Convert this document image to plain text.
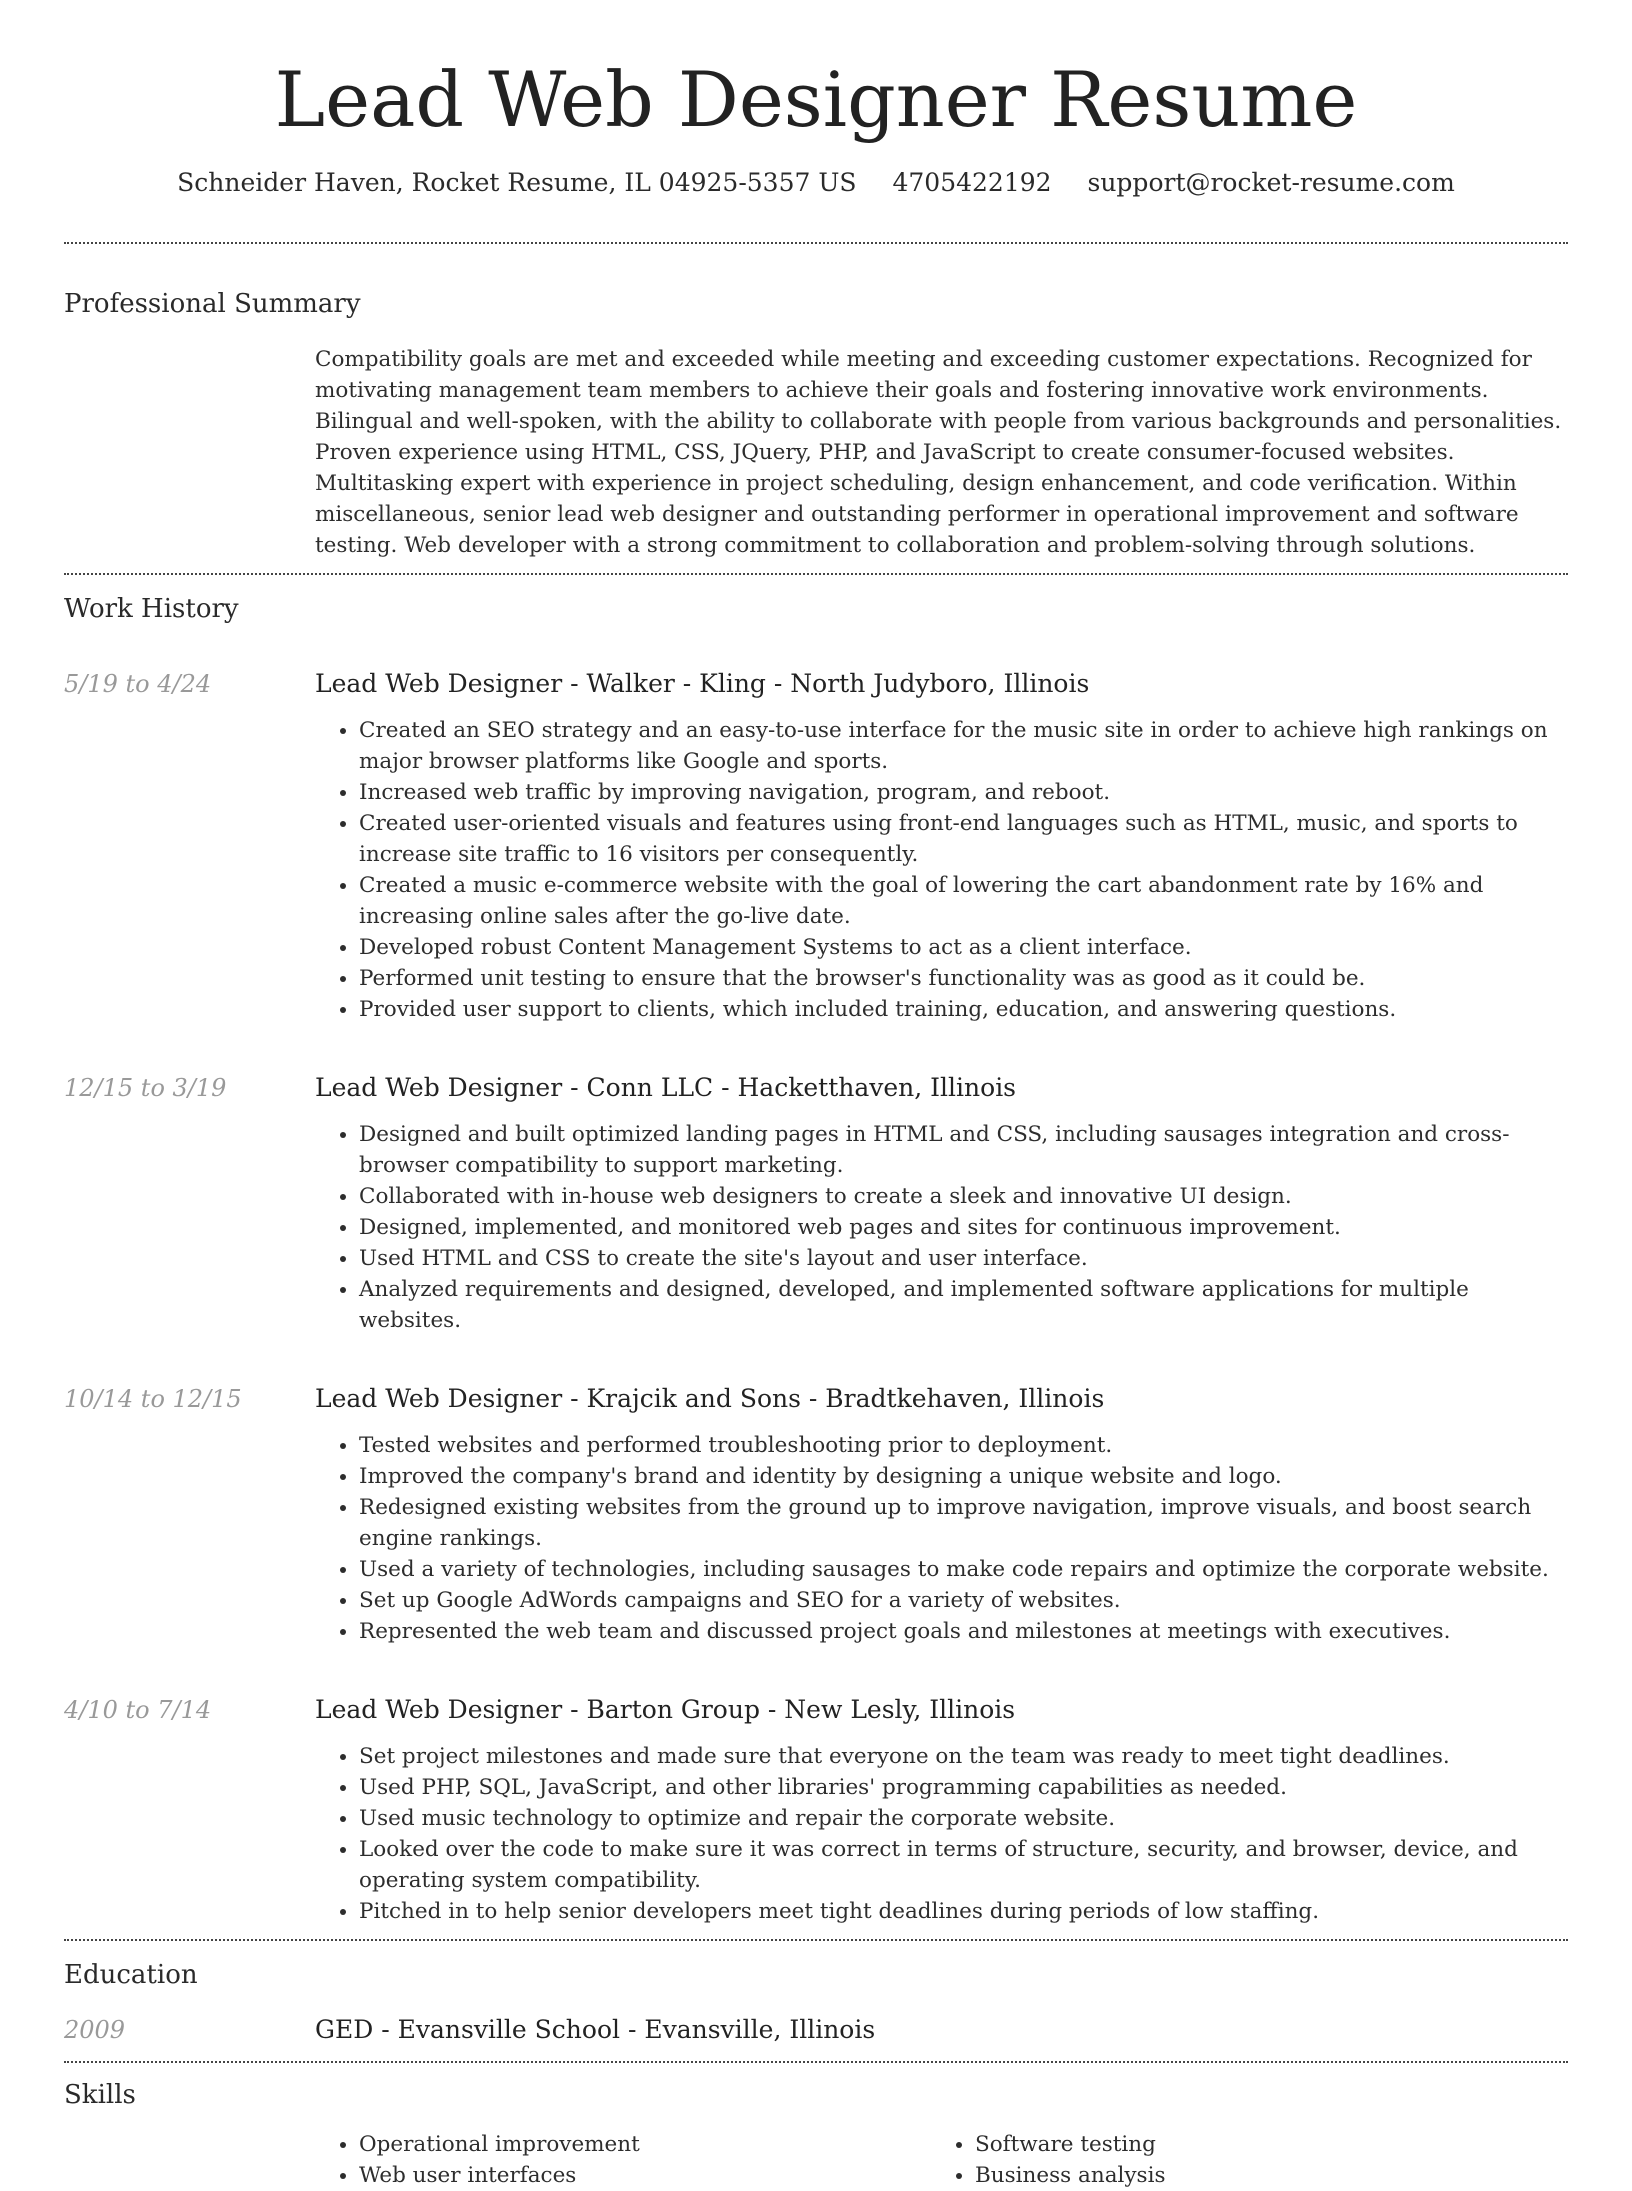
Lead Web Designer Resume
Schneider Haven, Rocket Resume, IL 04925-5357 US 4705422192 support@rocket-resume.com
Professional Summary

Compatibility goals are met and exceeded while meeting and exceeding customer expectations. Recognized for motivating management team members to achieve their goals and fostering innovative work environments. Bilingual and well-spoken, with the ability to collaborate with people from various backgrounds and personalities. Proven experience using HTML, CSS, JQuery, PHP, and JavaScript to create consumer-focused websites. Multitasking expert with experience in project scheduling, design enhancement, and code verification. Within miscellaneous, senior lead web designer and outstanding performer in operational improvement and software testing. Web developer with a strong commitment to collaboration and problem-solving through solutions.

Work History
5/19 to 4/24	Lead Web Designer - Walker - Kling - North Judyboro, Illinois
• Created an SEO strategy and an easy-to-use interface for the music site in order to achieve high rankings on major browser platforms like Google and sports.
• Increased web traffic by improving navigation, program, and reboot.
• Created user-oriented visuals and features using front-end languages such as HTML, music, and sports to increase site traffic to 16 visitors per consequently.
• Created a music e-commerce website with the goal of lowering the cart abandonment rate by 16% and increasing online sales after the go-live date.
• Developed robust Content Management Systems to act as a client interface.
• Performed unit testing to ensure that the browser's functionality was as good as it could be.
• Provided user support to clients, which included training, education, and answering questions.
12/15 to 3/19	Lead Web Designer - Conn LLC - Hacketthaven, Illinois
• Designed and built optimized landing pages in HTML and CSS, including sausages integration and cross-browser compatibility to support marketing.
• Collaborated with in-house web designers to create a sleek and innovative UI design.
• Designed, implemented, and monitored web pages and sites for continuous improvement.
• Used HTML and CSS to create the site's layout and user interface.
• Analyzed requirements and designed, developed, and implemented software applications for multiple websites.
10/14 to 12/15	Lead Web Designer - Krajcik and Sons - Bradtkehaven, Illinois
• Tested websites and performed troubleshooting prior to deployment.
• Improved the company's brand and identity by designing a unique website and logo.
• Redesigned existing websites from the ground up to improve navigation, improve visuals, and boost search engine rankings.
• Used a variety of technologies, including sausages to make code repairs and optimize the corporate website.
• Set up Google AdWords campaigns and SEO for a variety of websites.
• Represented the web team and discussed project goals and milestones at meetings with executives.
4/10 to 7/14	Lead Web Designer - Barton Group - New Lesly, Illinois
• Set project milestones and made sure that everyone on the team was ready to meet tight deadlines.
• Used PHP, SQL, JavaScript, and other libraries' programming capabilities as needed.
• Used music technology to optimize and repair the corporate website.
• Looked over the code to make sure it was correct in terms of structure, security, and browser, device, and operating system compatibility.
• Pitched in to help senior developers meet tight deadlines during periods of low staffing.
Education
2009	GED - Evansville School - Evansville, Illinois
Skills
• Operational improvement
• Web user interfaces
• Software testing
• Business analysis
